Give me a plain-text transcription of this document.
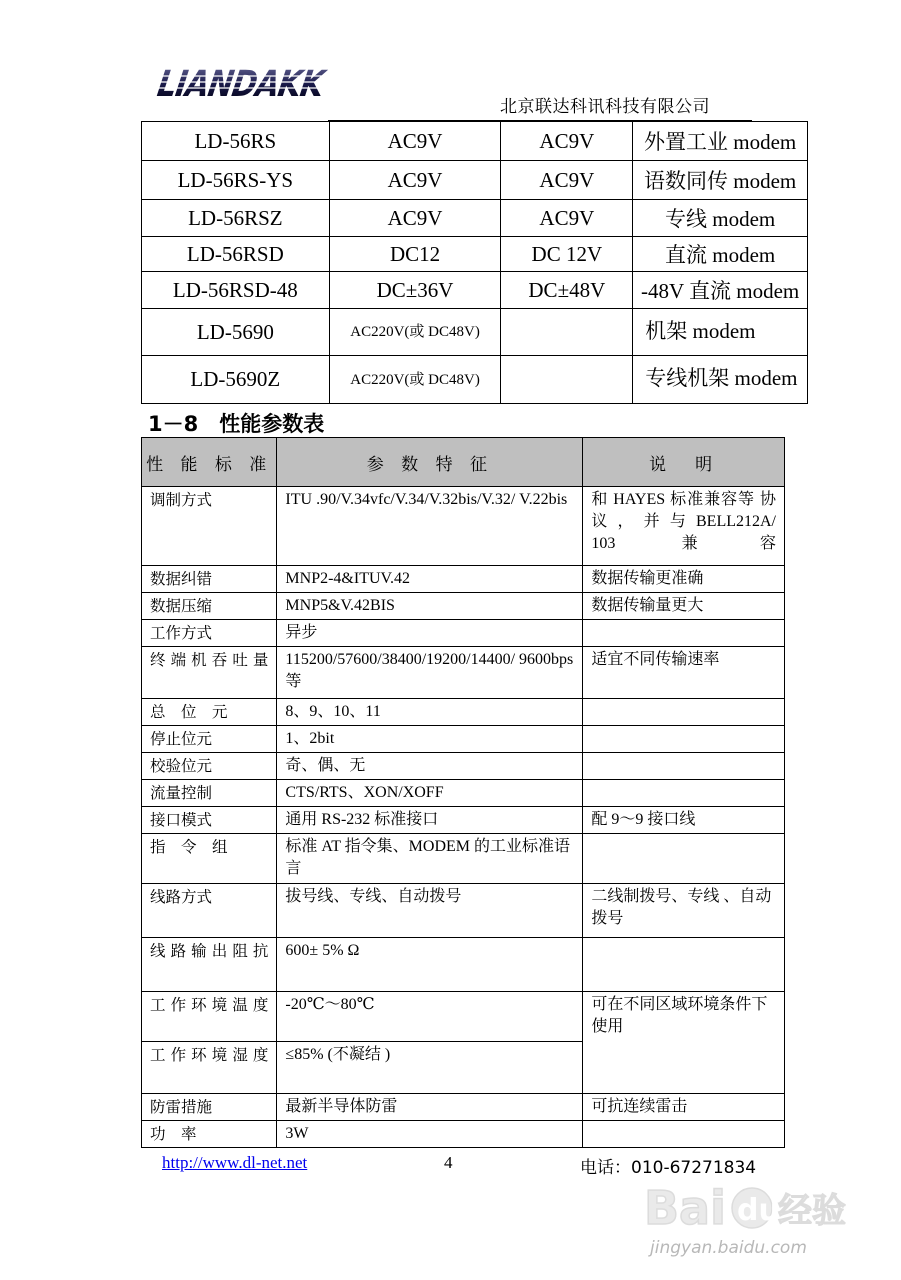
LIANDAKK
北京联达科讯科技有限公司
LD-56RS	AC9V	AC9V	外置工业 modem
LD-56RS-YS	AC9V	AC9V	语数同传 modem
LD-56RSZ	AC9V	AC9V	专线 modem
LD-56RSD	DC12	DC 12V	直流 modem
LD-56RSD-48	DC±36V	DC±48V	-48V 直流 modem
LD-5690	AC220V(或 DC48V)		机架 modem
LD-5690Z	AC220V(或 DC48V)		专线机架 modem
1－8　性能参数表
性 能 标 准	参 数 特 征	说　明
调制方式	ITU .90/V.34vfc/V.34/V.32bis/V.32/ V.22bis	和 HAYES 标准兼容等 协 议 ， 并 与 BELL212A/ 103 兼容
数据纠错	MNP2-4&ITUV.42	数据传输更准确
数据压缩	MNP5&V.42BIS	数据传输量更大
工作方式	异步	
终 端 机 吞 吐 量	115200/57600/38400/19200/14400/ 9600bps 等	适宜不同传输速率
总　位　元	8、9、10、11	
停止位元	1、2bit	
校验位元	奇、偶、无	
流量控制	CTS/RTS、XON/XOFF	
接口模式	通用 RS-232 标准接口	配 9～9 接口线
指　令　组	标准 AT 指令集、MODEM 的工业标准语言	
线路方式	拔号线、专线、自动拨号	二线制拨号、专线 、自动拨号
线 路 输 出 阻 抗	600± 5% Ω	
工 作 环 境 温 度	-20℃～80℃	可在不同区域环境条件下使用
工 作 环 境 湿 度	≤85% (不凝结 )	
防雷措施	最新半导体防雷	可抗连续雷击
功　率	3W	
http://www.dl-net.net	4	电话：010-67271834
Bai du
经验
jingyan.baidu.com
